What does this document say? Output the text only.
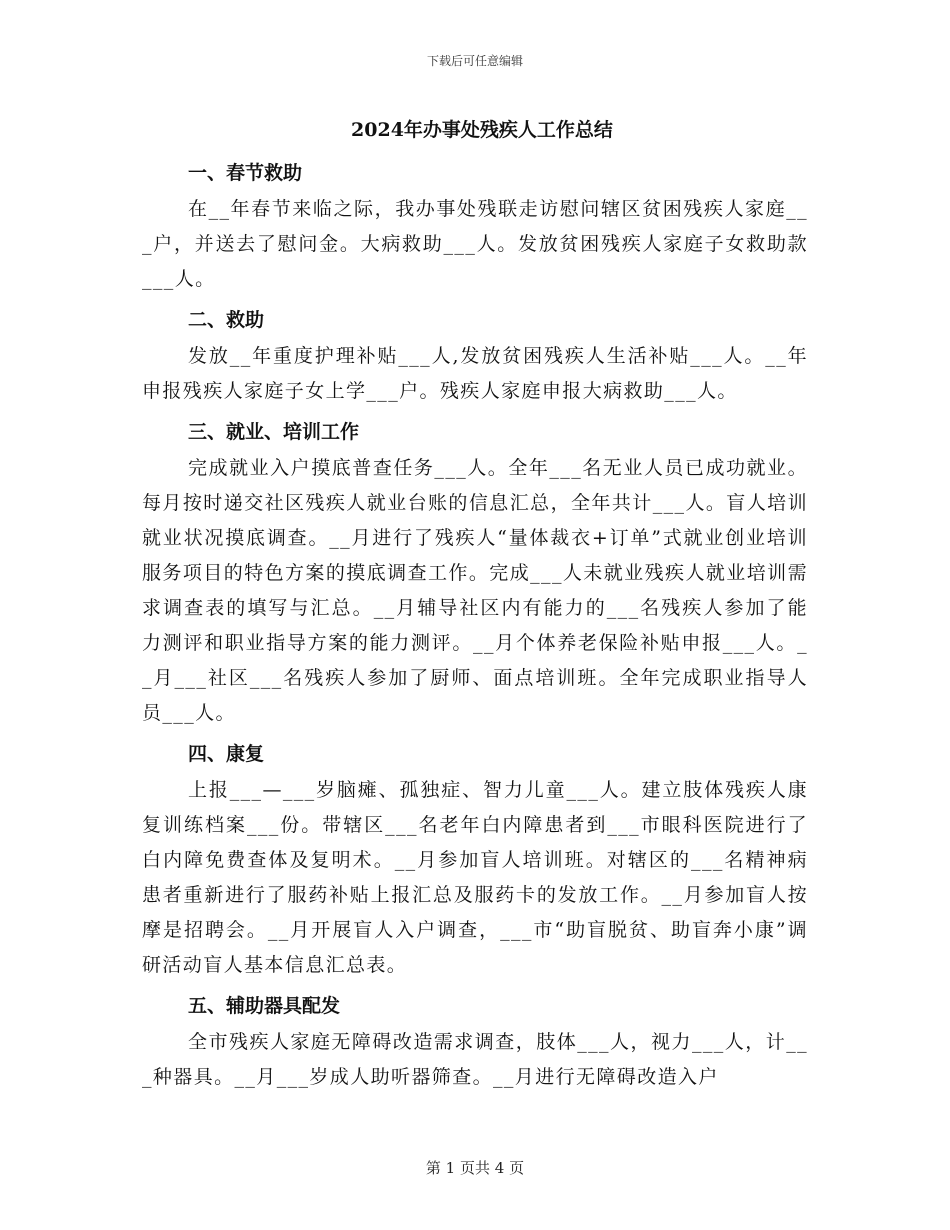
下载后可任意编辑
2024年办事处残疾人工作总结
一、春节救助

在__年春节来临之际，我办事处残联走访慰问辖区贫困残疾人家庭___户，并送去了慰问金。大病救助___人。发放贫困残疾人家庭子女救助款___人。

二、救助

发放__年重度护理补贴___人,发放贫困残疾人生活补贴___人。__年申报残疾人家庭子女上学___户。残疾人家庭申报大病救助___人。

三、就业、培训工作

完成就业入户摸底普查任务___人。全年___名无业人员已成功就业。每月按时递交社区残疾人就业台账的信息汇总，全年共计___人。盲人培训就业状况摸底调查。__月进行了残疾人“量体裁衣+订单”式就业创业培训服务项目的特色方案的摸底调查工作。完成___人未就业残疾人就业培训需求调查表的填写与汇总。__月辅导社区内有能力的___名残疾人参加了能力测评和职业指导方案的能力测评。__月个体养老保险补贴申报___人。__月___社区___名残疾人参加了厨师、面点培训班。全年完成职业指导人员___人。

四、康复

上报___—___岁脑瘫、孤独症、智力儿童___人。建立肢体残疾人康复训练档案___份。带辖区___名老年白内障患者到___市眼科医院进行了白内障免费查体及复明术。__月参加盲人培训班。对辖区的___名精神病患者重新进行了服药补贴上报汇总及服药卡的发放工作。__月参加盲人按摩是招聘会。__月开展盲人入户调查，___市“助盲脱贫、助盲奔小康”调研活动盲人基本信息汇总表。

五、辅助器具配发

全市残疾人家庭无障碍改造需求调查，肢体___人，视力___人，计___种器具。__月___岁成人助听器筛查。__月进行无障碍改造入户

第 1 页共 4 页
